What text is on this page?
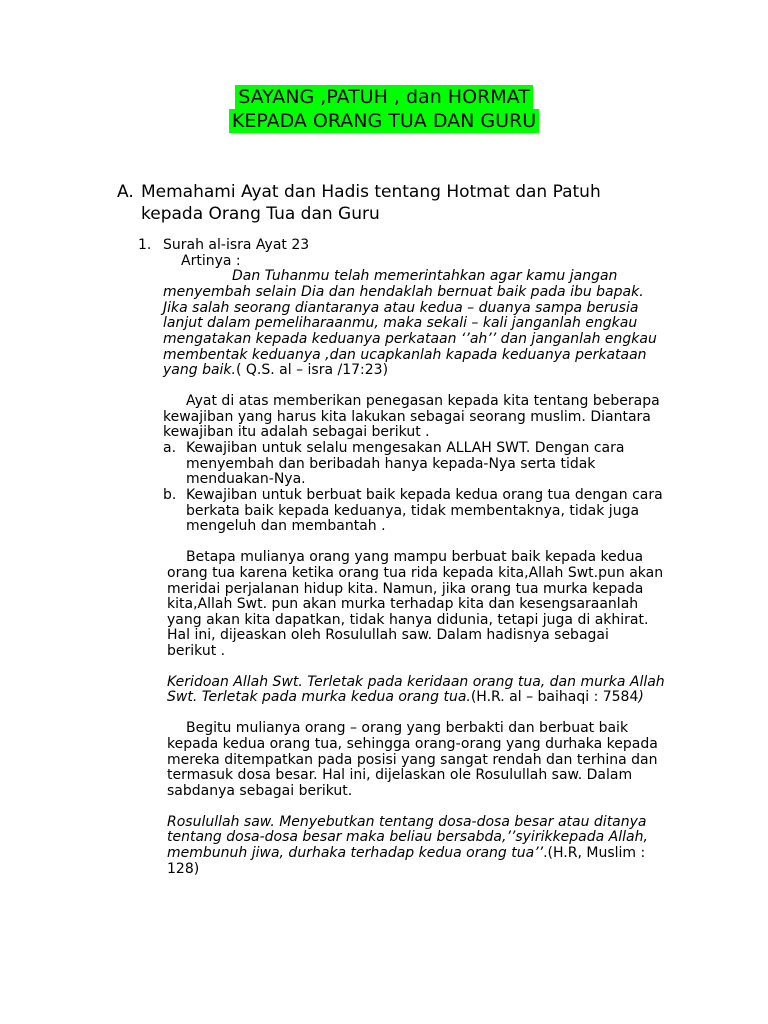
SAYANG ,PATUH , dan HORMAT
KEPADA ORANG TUA DAN GURU
A. Memahami Ayat dan Hadis tentang Hotmat dan Patuh
kepada Orang Tua dan Guru
1. Surah al-isra Ayat 23
Artinya :
Dan Tuhanmu telah memerintahkan agar kamu jangan
menyembah selain Dia dan hendaklah bernuat baik pada ibu bapak.
Jika salah seorang diantaranya atau kedua – duanya sampa berusia
lanjut dalam pemeliharaanmu, maka sekali – kali janganlah engkau
mengatakan kepada keduanya perkataan ‘’ah’’ dan janganlah engkau
membentak keduanya ,dan ucapkanlah kapada keduanya perkataan
yang baik.( Q.S. al – isra /17:23)
Ayat di atas memberikan penegasan kepada kita tentang beberapa
kewajiban yang harus kita lakukan sebagai seorang muslim. Diantara
kewajiban itu adalah sebagai berikut .
a. Kewajiban untuk selalu mengesakan ALLAH SWT. Dengan cara
menyembah dan beribadah hanya kepada-Nya serta tidak
menduakan-Nya.
b. Kewajiban untuk berbuat baik kepada kedua orang tua dengan cara
berkata baik kepada keduanya, tidak membentaknya, tidak juga
mengeluh dan membantah .
Betapa mulianya orang yang mampu berbuat baik kepada kedua
orang tua karena ketika orang tua rida kepada kita,Allah Swt.pun akan
meridai perjalanan hidup kita. Namun, jika orang tua murka kepada
kita,Allah Swt. pun akan murka terhadap kita dan kesengsaraanlah
yang akan kita dapatkan, tidak hanya didunia, tetapi juga di akhirat.
Hal ini, dijeaskan oleh Rosulullah saw. Dalam hadisnya sebagai
berikut .
Keridoan Allah Swt. Terletak pada keridaan orang tua, dan murka Allah
Swt. Terletak pada murka kedua orang tua.(H.R. al – baihaqi : 7584)
Begitu mulianya orang – orang yang berbakti dan berbuat baik
kepada kedua orang tua, sehingga orang-orang yang durhaka kepada
mereka ditempatkan pada posisi yang sangat rendah dan terhina dan
termasuk dosa besar. Hal ini, dijelaskan ole Rosulullah saw. Dalam
sabdanya sebagai berikut.
Rosulullah saw. Menyebutkan tentang dosa-dosa besar atau ditanya
tentang dosa-dosa besar maka beliau bersabda,’’syirikkepada Allah,
membunuh jiwa, durhaka terhadap kedua orang tua’’.(H.R, Muslim :
128)
